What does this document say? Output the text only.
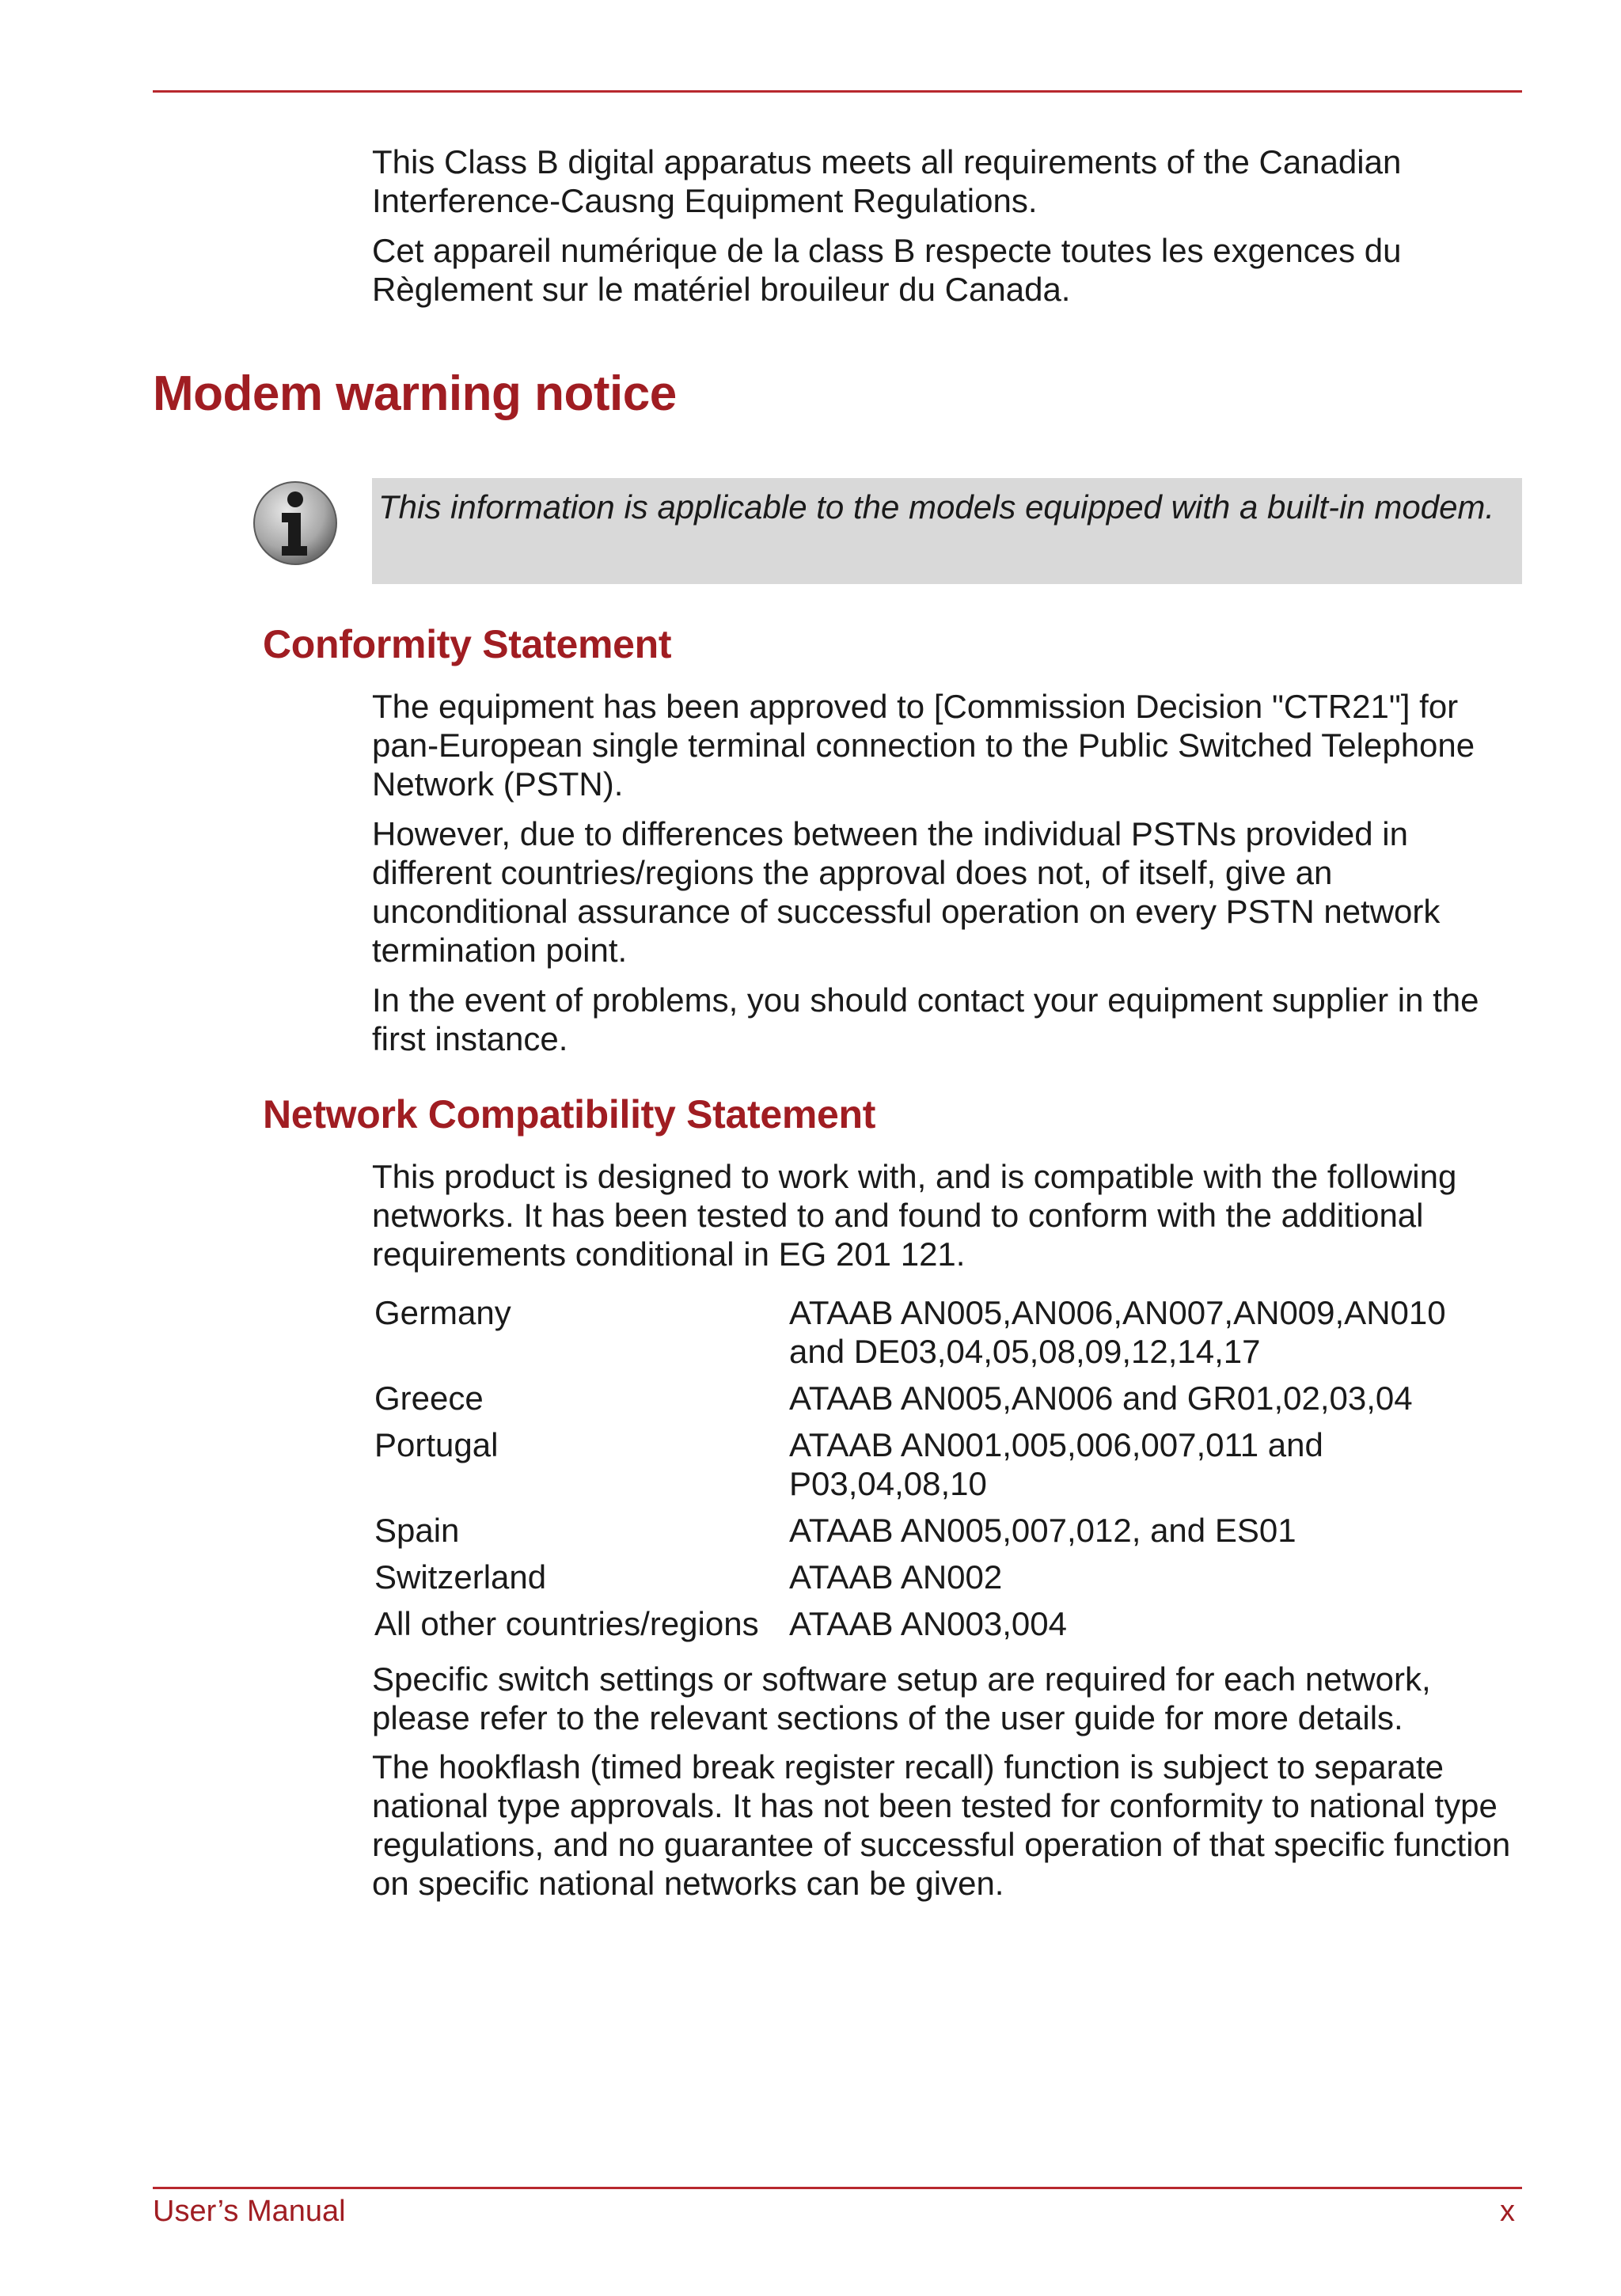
This Class B digital apparatus meets all requirements of the Canadian Interference-Causng Equipment Regulations.

Cet appareil numérique de la class B respecte toutes les exgences du Règlement sur le matériel brouileur du Canada.

Modem warning notice

This information is applicable to the models equipped with a built-in modem.

Conformity Statement

The equipment has been approved to [Commission Decision "CTR21"] for pan-European single terminal connection to the Public Switched Telephone Network (PSTN).

However, due to differences between the individual PSTNs provided in different countries/regions the approval does not, of itself, give an unconditional assurance of successful operation on every PSTN network termination point.

In the event of problems, you should contact your equipment supplier in the first instance.

Network Compatibility Statement

This product is designed to work with, and is compatible with the following networks. It has been tested to and found to conform with the additional requirements conditional in EG 201 121.

Germany	ATAAB AN005,AN006,AN007,AN009,AN010 and DE03,04,05,08,09,12,14,17
Greece	ATAAB AN005,AN006 and GR01,02,03,04
Portugal	ATAAB AN001,005,006,007,011 and P03,04,08,10
Spain	ATAAB AN005,007,012, and ES01
Switzerland	ATAAB AN002
All other countries/regions	ATAAB AN003,004

Specific switch settings or software setup are required for each network, please refer to the relevant sections of the user guide for more details.

The hookflash (timed break register recall) function is subject to separate national type approvals. It has not been tested for conformity to national type regulations, and no guarantee of successful operation of that specific function on specific national networks can be given.

User’s Manual	x
